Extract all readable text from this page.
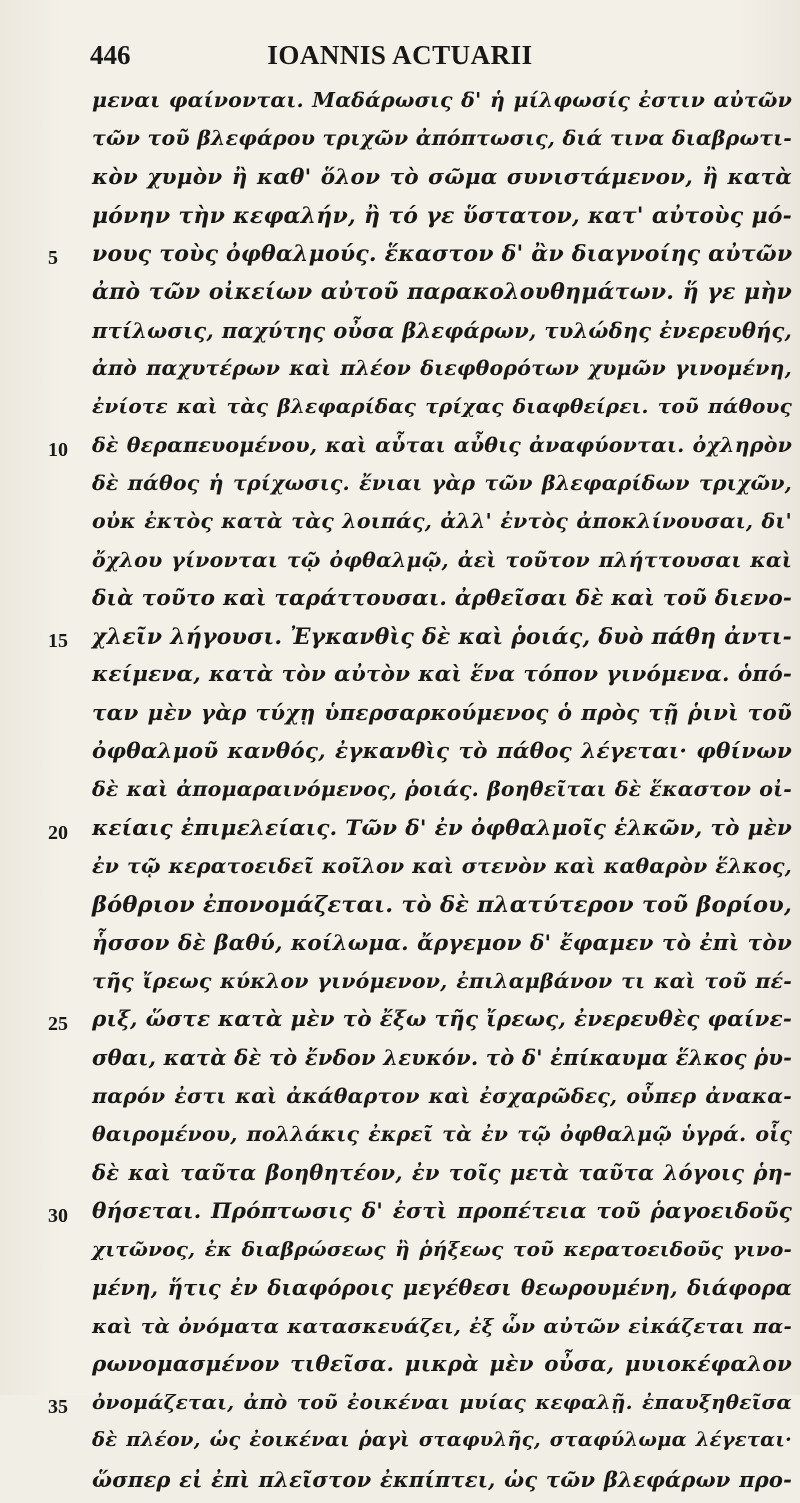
446	IOANNIS ACTUARII
μεναι φαίνονται. Μαδάρωσις δ' ἡ μίλφωσίς ἐστιν αὐτῶν
τῶν τοῦ βλεφάρου τριχῶν ἀπόπτωσις, διά τινα διαβρωτι-
κὸν χυμὸν ἢ καθ' ὅλον τὸ σῶμα συνιστάμενον, ἢ κατὰ
μόνην τὴν κεφαλήν, ἢ τό γε ὕστατον, κατ' αὐτοὺς μό-
5	νους τοὺς ὀφθαλμούς. ἕκαστον δ' ἂν διαγνοίης αὐτῶν
ἀπὸ τῶν οἰκείων αὐτοῦ παρακολουθημάτων. ἥ γε μὴν
πτίλωσις, παχύτης οὖσα βλεφάρων, τυλώδης ἐνερευθής,
ἀπὸ παχυτέρων καὶ πλέον διεφθορότων χυμῶν γινομένη,
ἐνίοτε καὶ τὰς βλεφαρίδας τρίχας διαφθείρει. τοῦ πάθους
10	δὲ θεραπευομένου, καὶ αὗται αὖθις ἀναφύονται. ὀχληρὸν
δὲ πάθος ἡ τρίχωσις. ἔνιαι γὰρ τῶν βλεφαρίδων τριχῶν,
οὐκ ἐκτὸς κατὰ τὰς λοιπάς, ἀλλ' ἐντὸς ἀποκλίνουσαι, δι'
ὄχλου γίνονται τῷ ὀφθαλμῷ, ἀεὶ τοῦτον πλήττουσαι καὶ
διὰ τοῦτο καὶ ταράττουσαι. ἀρθεῖσαι δὲ καὶ τοῦ διενο-
15	χλεῖν λήγουσι. Ἐγκανθὶς δὲ καὶ ῥοιάς, δυὸ πάθη ἀντι-
κείμενα, κατὰ τὸν αὐτὸν καὶ ἕνα τόπον γινόμενα. ὁπό-
ταν μὲν γὰρ τύχῃ ὑπερσαρκούμενος ὁ πρὸς τῇ ῥινὶ τοῦ
ὀφθαλμοῦ κανθός, ἐγκανθὶς τὸ πάθος λέγεται· φθίνων
δὲ καὶ ἀπομαραινόμενος, ῥοιάς. βοηθεῖται δὲ ἕκαστον οἰ-
20	κείαις ἐπιμελείαις. Τῶν δ' ἐν ὀφθαλμοῖς ἑλκῶν, τὸ μὲν
ἐν τῷ κερατοειδεῖ κοῖλον καὶ στενὸν καὶ καθαρὸν ἕλκος,
βόθριον ἐπονομάζεται. τὸ δὲ πλατύτερον τοῦ βορίου,
ἧσσον δὲ βαθύ, κοίλωμα. ἄργεμον δ' ἔφαμεν τὸ ἐπὶ τὸν
τῆς ἴρεως κύκλον γινόμενον, ἐπιλαμβάνον τι καὶ τοῦ πέ-
25	ριξ, ὥστε κατὰ μὲν τὸ ἔξω τῆς ἴρεως, ἐνερευθὲς φαίνε-
σθαι, κατὰ δὲ τὸ ἔνδον λευκόν. τὸ δ' ἐπίκαυμα ἕλκος ῥυ-
παρόν ἐστι καὶ ἀκάθαρτον καὶ ἐσχαρῶδες, οὗπερ ἀνακα-
θαιρομένου, πολλάκις ἐκρεῖ τὰ ἐν τῷ ὀφθαλμῷ ὑγρά. οἷς
δὲ καὶ ταῦτα βοηθητέον, ἐν τοῖς μετὰ ταῦτα λόγοις ῥη-
30	θήσεται. Πρόπτωσις δ' ἐστὶ προπέτεια τοῦ ῥαγοειδοῦς
χιτῶνος, ἐκ διαβρώσεως ἢ ῥήξεως τοῦ κερατοειδοῦς γινο-
μένη, ἥτις ἐν διαφόροις μεγέθεσι θεωρουμένη, διάφορα
καὶ τὰ ὀνόματα κατασκευάζει, ἐξ ὧν αὐτῶν εἰκάζεται πα-
ρωνομασμένον τιθεῖσα. μικρὰ μὲν οὖσα, μυιοκέφαλον
35	ὀνομάζεται, ἀπὸ τοῦ ἐοικέναι μυίας κεφαλῇ. ἐπαυξηθεῖσα
δὲ πλέον, ὡς ἐοικέναι ῥαγὶ σταφυλῆς, σταφύλωμα λέγεται·
ὥσπερ εἰ ἐπὶ πλεῖστον ἐκπίπτει, ὡς τῶν βλεφάρων προ-
